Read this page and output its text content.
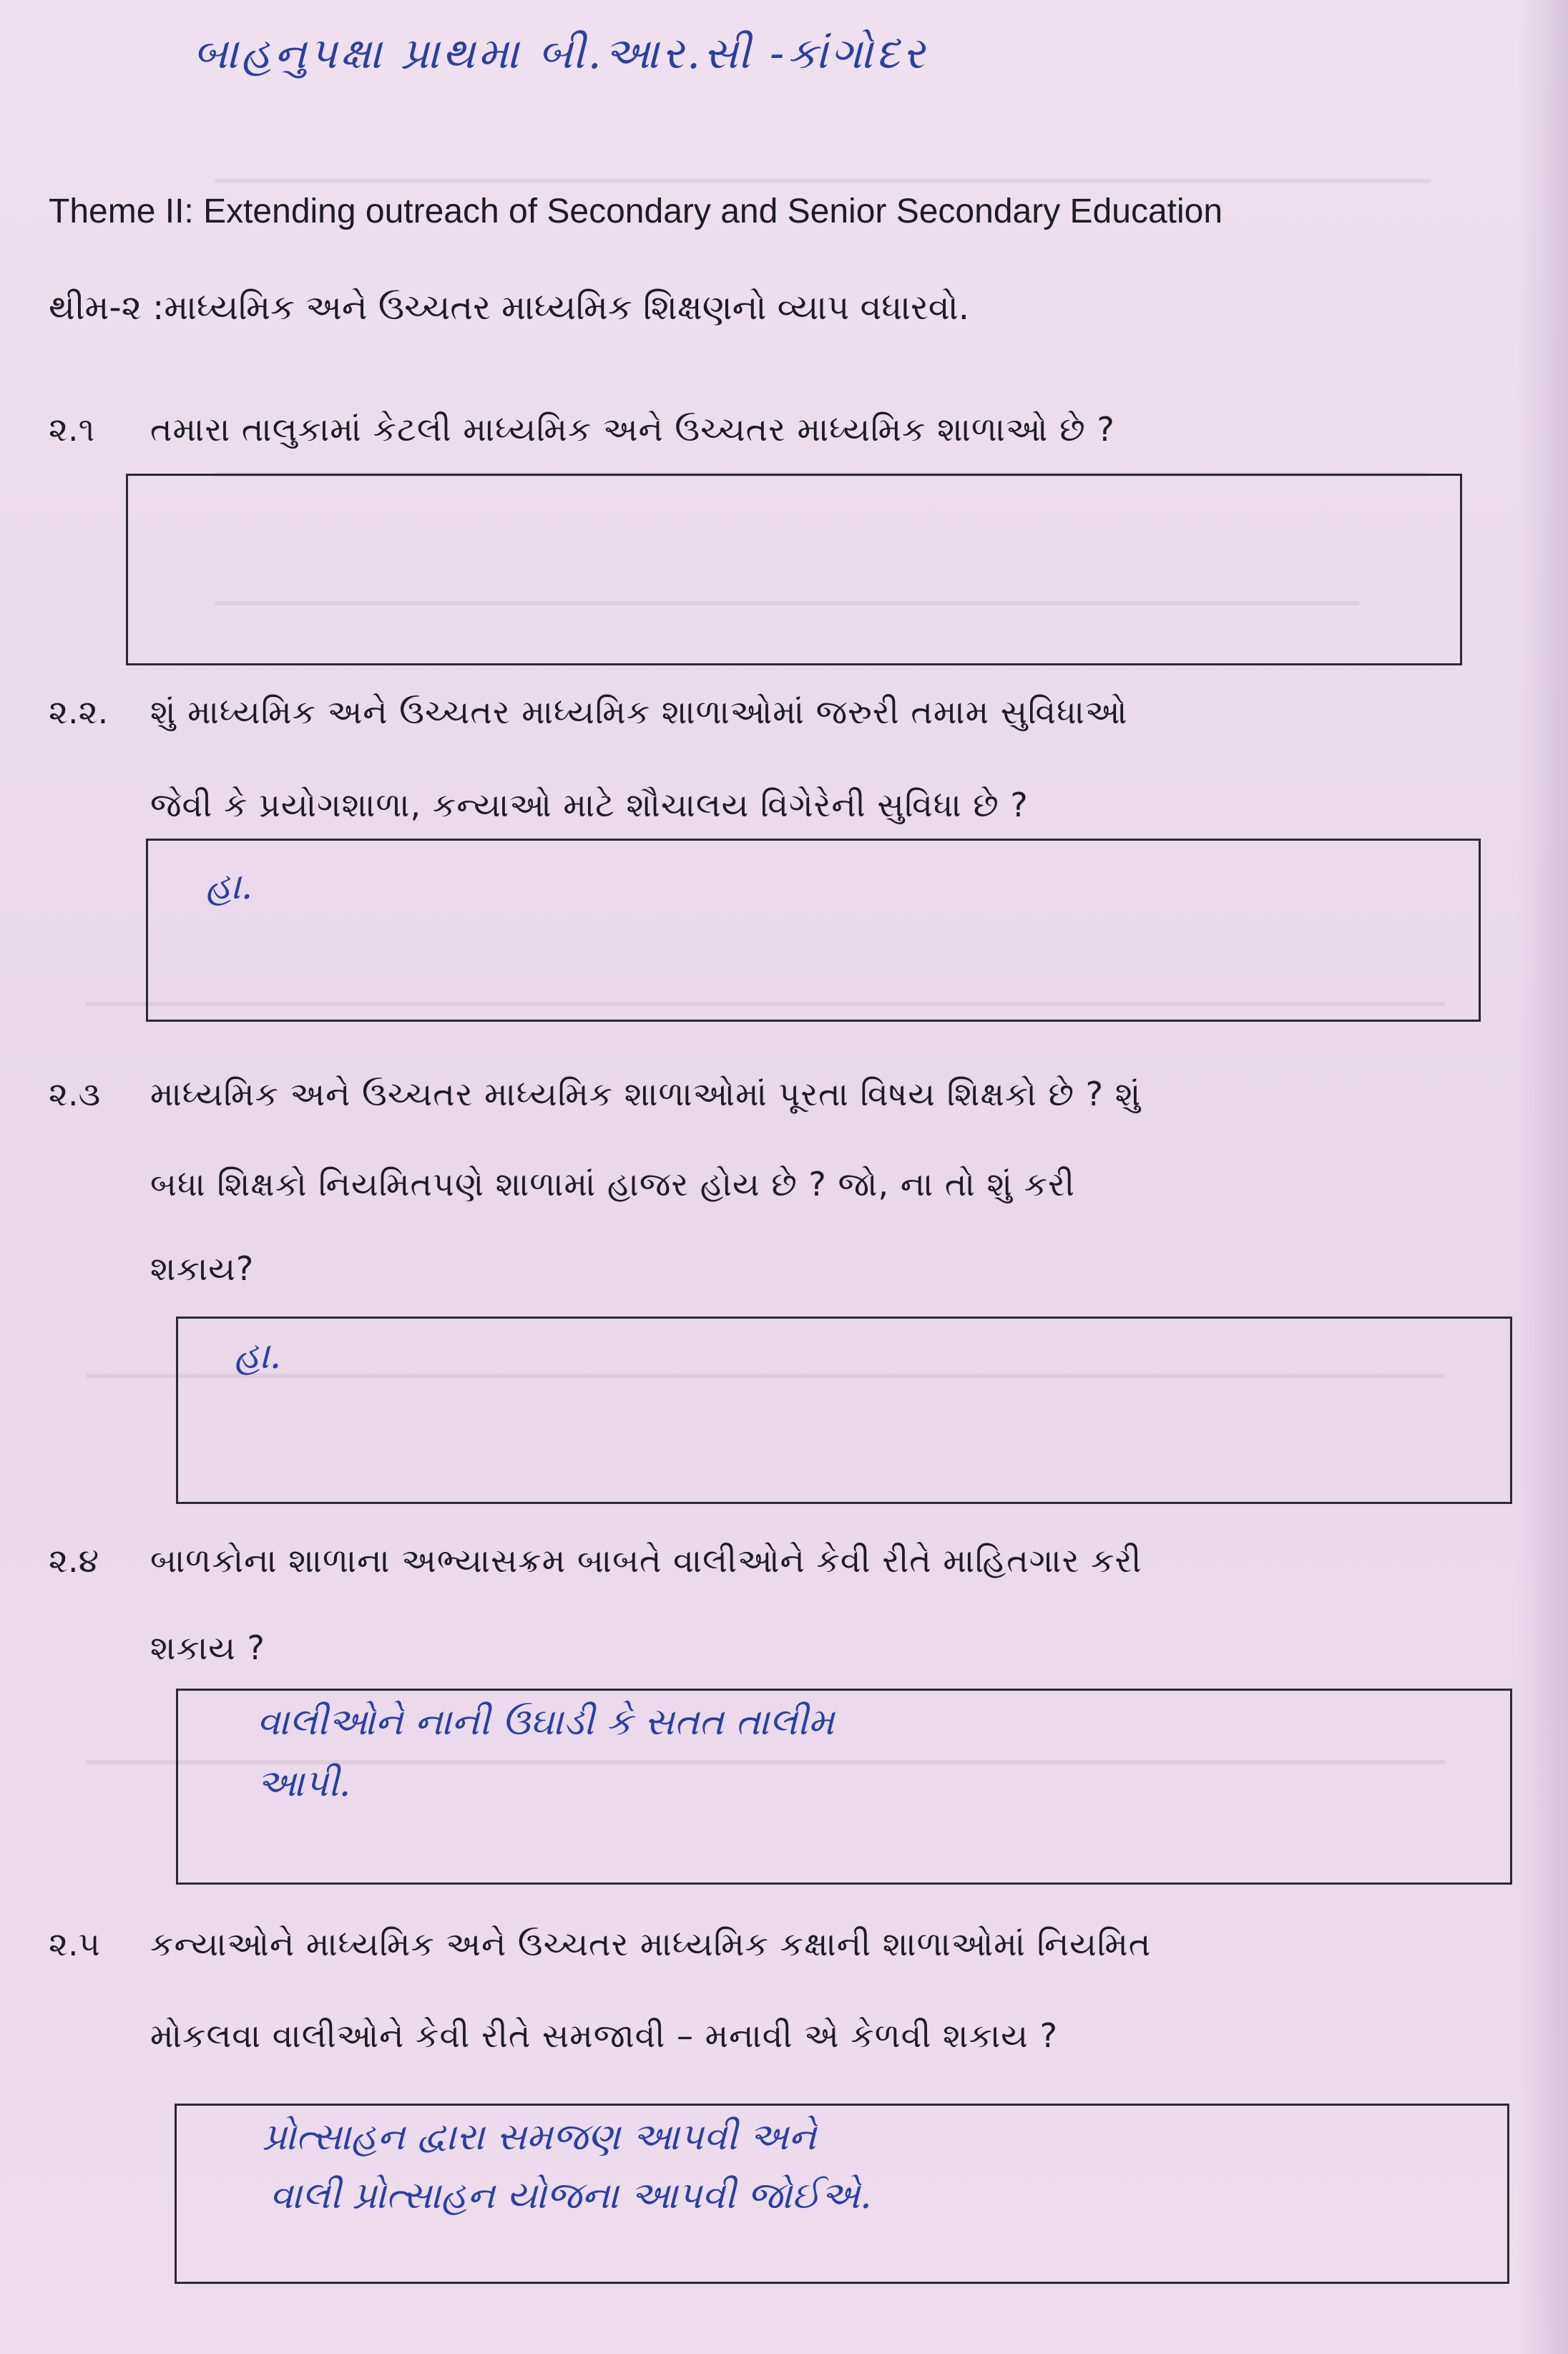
બાહનુપક્ષા પ્રાથમા બી.આર.સી -કાંગોદર
Theme II: Extending outreach of Secondary and Senior Secondary Education
થીમ-૨ :માધ્યમિક અને ઉચ્ચતર માધ્યમિક શિક્ષણનો વ્યાપ વધારવો.
૨.૧ તમારા તાલુકામાં કેટલી માધ્યમિક અને ઉચ્ચતર માધ્યમિક શાળાઓ છે ?
૨.૨. શું માધ્યમિક અને ઉચ્ચતર માધ્યમિક શાળાઓમાં જરુરી તમામ સુવિધાઓ
જેવી કે પ્રયોગશાળા, કન્યાઓ માટે શૌચાલય વિગેરેની સુવિધા છે ?
હા.
૨.૩ માધ્યમિક અને ઉચ્ચતર માધ્યમિક શાળાઓમાં પૂરતા વિષય શિક્ષકો છે ? શું
બધા શિક્ષકો નિયમિતપણે શાળામાં હાજર હોય છે ? જો, ના તો શું કરી
શકાય?
હા.
૨.૪ બાળકોના શાળાના અભ્યાસક્રમ બાબતે વાલીઓને કેવી રીતે માહિતગાર કરી
શકાય ?
વાલીઓને નાની ઉઘાડી કે સતત તાલીમ
આપી.
૨.૫ કન્યાઓને માધ્યમિક અને ઉચ્ચતર માધ્યમિક કક્ષાની શાળાઓમાં નિયમિત
મોકલવા વાલીઓને કેવી રીતે સમજાવી – મનાવી એ કેળવી શકાય ?
પ્રોત્સાહન દ્વારા સમજણ આપવી અને
વાલી પ્રોત્સાહન યોજના આપવી જોઈએ.
